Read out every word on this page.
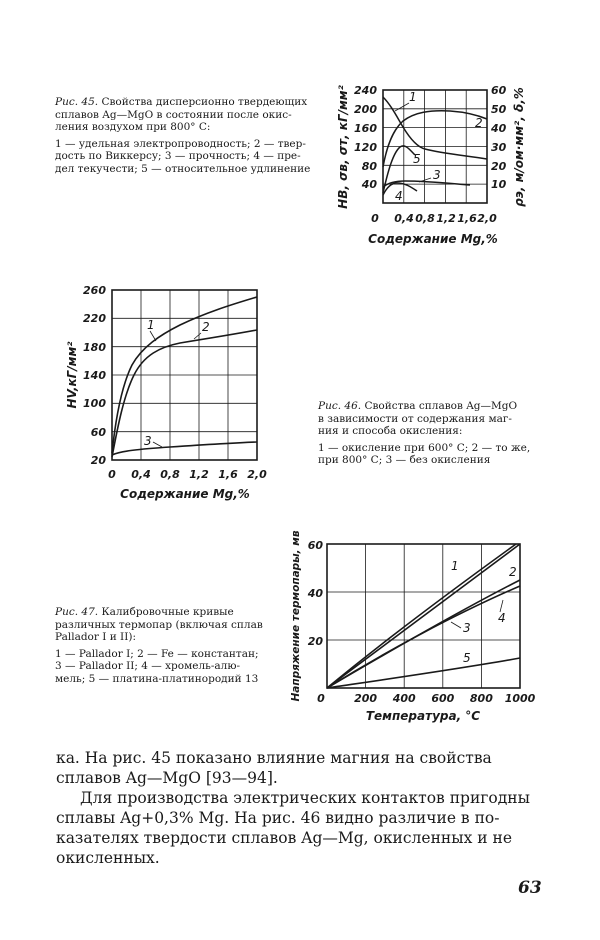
Рис. 45. Свойства дисперсионно твердеющих

сплавов Ag—MgO в состоянии после окис-

ления воздухом при 800° С:

1 — удельная электропроводность; 2 — твер-

дость по Виккерсу; 3 — прочность; 4 — пре-

дел текучести; 5 — относительное удлинение

240
200
160
120
80
40
60
50
40
30
20
10
0 0,4 0,8 1,2 1,6 2,0
Содержание Mg,%
HB, σв, σт, кГ/мм²	ρэ, м/ом·мм², δ,%
1
2
3
4
5
260
220
180
140
100
60
20
0 0,4 0,8 1,2 1,6 2,0
Содержание Mg,%
HV,кГ/мм²
1	2
3

Рис. 46. Свойства сплавов Ag—MgO

в зависимости от содержания маг-

ния и способа окисления:

1 — окисление при 600° С; 2 — то же,

при 800° С; 3 — без окисления

Рис. 47. Калибровочные кривые

различных термопар (включая сплав

Pallador I и II):

1 — Pallador I; 2 — Fe — константан;

3 — Pallador II; 4 — хромель-алю-

мель; 5 — платина-платинородий 13

60
40
20
0	200 400 600 800 1000
Температура, °С
Напряжение термопары, мв	1	2
3
4
5

ка. На рис. 45 показано влияние магния на свойства

сплавов Ag—MgO [93—94].

Для производства электрических контактов пригодны

сплавы Ag+0,3% Mg. На рис. 46 видно различие в по-

казателях твердости сплавов Ag—Mg, окисленных и не

окисленных.

63
